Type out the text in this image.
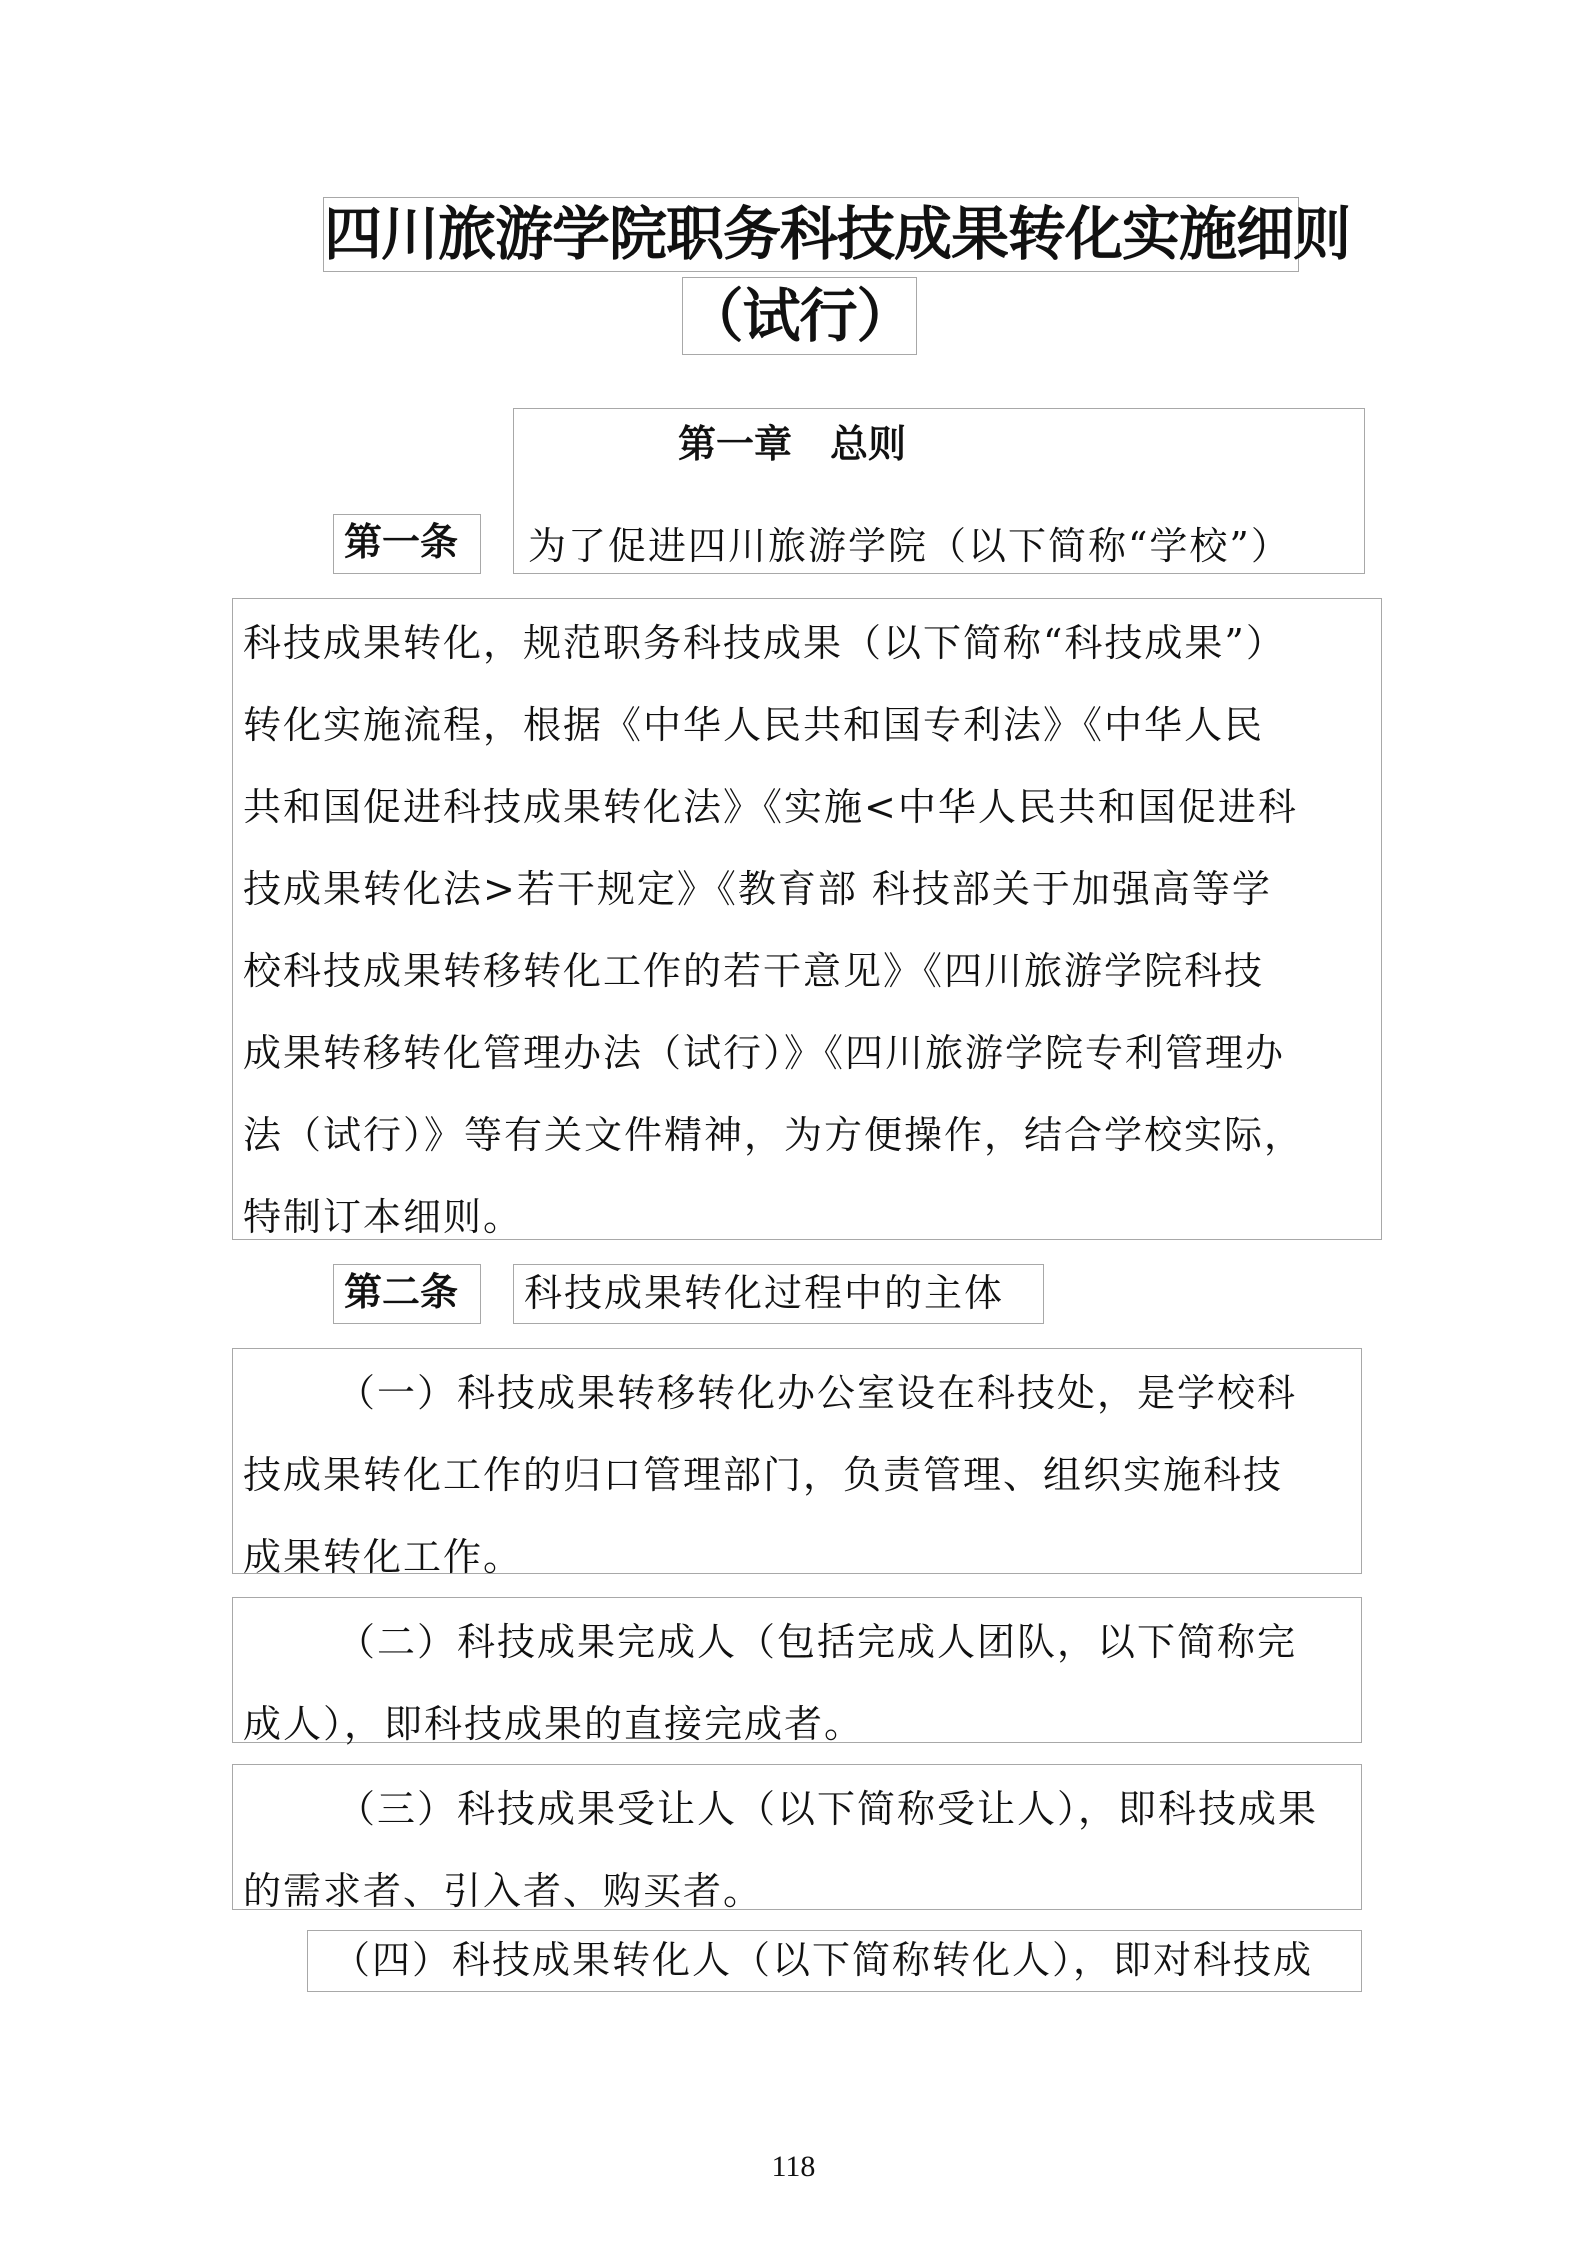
四川旅游学院职务科技成果转化实施细则
（试行）
第一章　总则
为了促进四川旅游学院（以下简称“学校”）
第一条
科技成果转化，规范职务科技成果（以下简称“科技成果”）
转化实施流程，根据《中华人民共和国专利法》《中华人民
共和国促进科技成果转化法》《实施<中华人民共和国促进科
技成果转化法>若干规定》《教育部 科技部关于加强高等学
校科技成果转移转化工作的若干意见》《四川旅游学院科技
成果转移转化管理办法（试行）》《四川旅游学院专利管理办
法（试行）》等有关文件精神，为方便操作，结合学校实际，
特制订本细则。
第二条	科技成果转化过程中的主体
（一）科技成果转移转化办公室设在科技处，是学校科
技成果转化工作的归口管理部门，负责管理、组织实施科技
成果转化工作。
（二）科技成果完成人（包括完成人团队，以下简称完
成人），即科技成果的直接完成者。
（三）科技成果受让人（以下简称受让人），即科技成果
的需求者、引入者、购买者。
（四）科技成果转化人（以下简称转化人），即对科技成
118
